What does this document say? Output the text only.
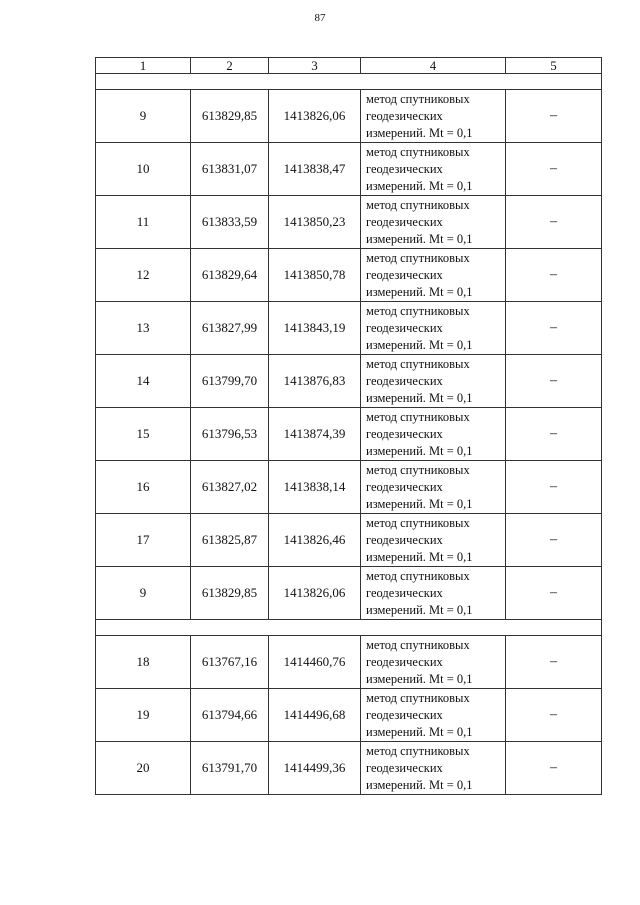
87
1	2	3	4	5

9	613829,85	1413826,06	метод спутниковых
геодезических
измерений. Mt = 0,1	–
10	613831,07	1413838,47	метод спутниковых
геодезических
измерений. Mt = 0,1	–
11	613833,59	1413850,23	метод спутниковых
геодезических
измерений. Mt = 0,1	–
12	613829,64	1413850,78	метод спутниковых
геодезических
измерений. Mt = 0,1	–
13	613827,99	1413843,19	метод спутниковых
геодезических
измерений. Mt = 0,1	–
14	613799,70	1413876,83	метод спутниковых
геодезических
измерений. Mt = 0,1	–
15	613796,53	1413874,39	метод спутниковых
геодезических
измерений. Mt = 0,1	–
16	613827,02	1413838,14	метод спутниковых
геодезических
измерений. Mt = 0,1	–
17	613825,87	1413826,46	метод спутниковых
геодезических
измерений. Mt = 0,1	–
9	613829,85	1413826,06	метод спутниковых
геодезических
измерений. Mt = 0,1	–

18	613767,16	1414460,76	метод спутниковых
геодезических
измерений. Mt = 0,1	–
19	613794,66	1414496,68	метод спутниковых
геодезических
измерений. Mt = 0,1	–
20	613791,70	1414499,36	метод спутниковых
геодезических
измерений. Mt = 0,1	–
